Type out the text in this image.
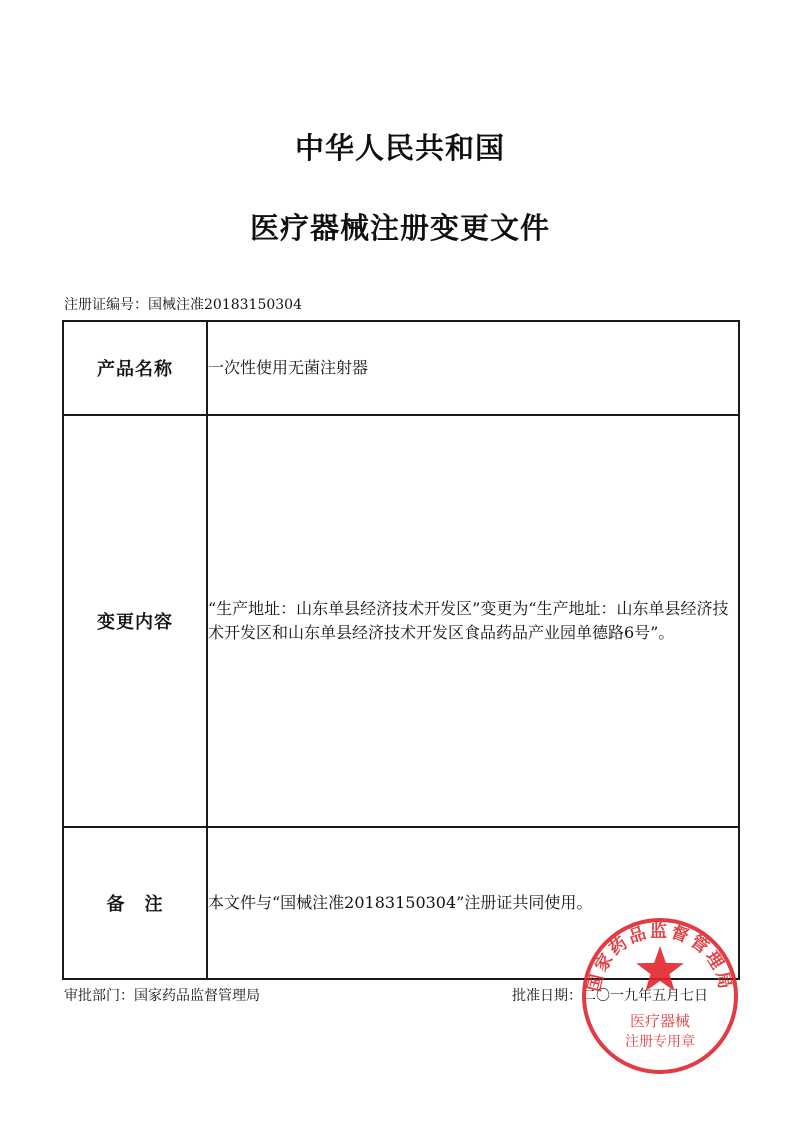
中华人民共和国
医疗器械注册变更文件
注册证编号：国械注准20183150304
产品名称	一次性使用无菌注射器
变更内容	“生产地址：山东单县经济技术开发区”变更为“生产地址：山东单县经济技术开发区和山东单县经济技术开发区食品药品产业园单德路6号”。
备　注	本文件与“国械注准20183150304”注册证共同使用。
审批部门：国家药品监督管理局	批准日期：二〇一九年五月七日
国家药品监督管理局
医疗器械
注册专用章
